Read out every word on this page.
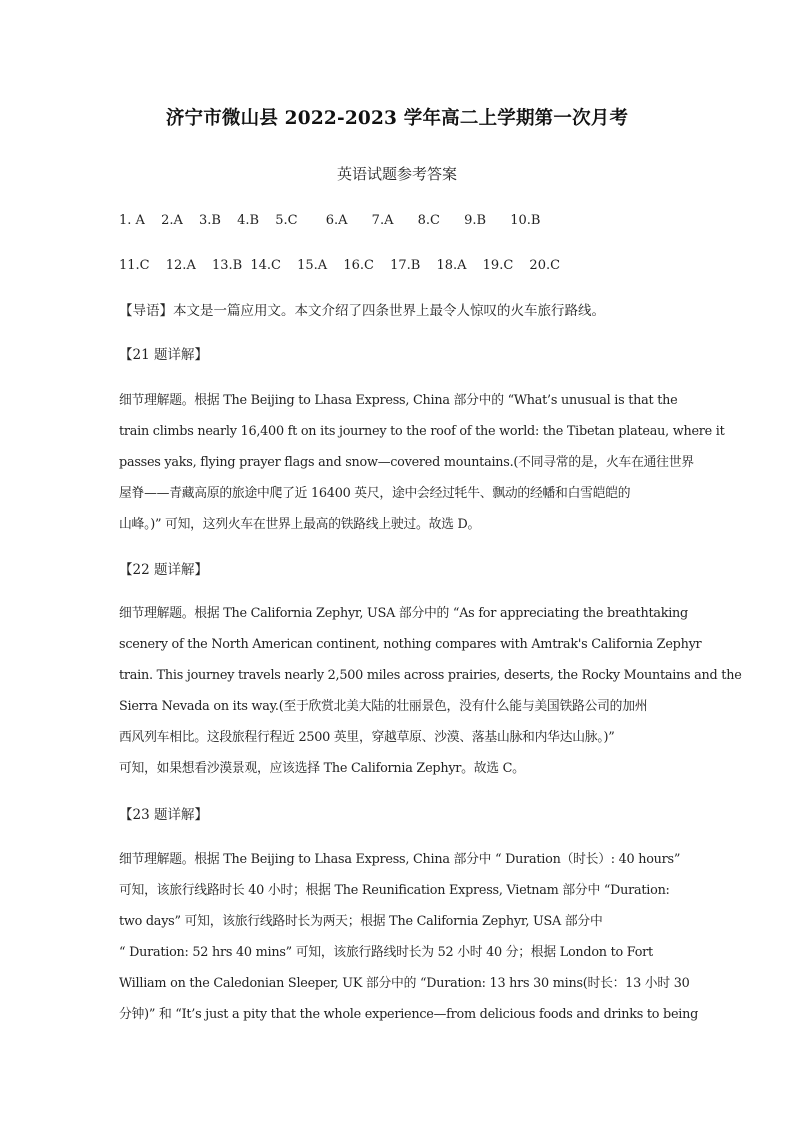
济宁市微山县 2022-2023 学年高二上学期第一次月考
英语试题参考答案
1. A 2.A 3.B 4.B 5.C 6.A 7.A 8.C 9.B 10.B
11.C 12.A 13.B 14.C 15.A 16.C 17.B 18.A 19.C 20.C
【导语】本文是一篇应用文。本文介绍了四条世界上最令人惊叹的火车旅行路线。
【21 题详解】
细节理解题。根据 The Beijing to Lhasa Express, China 部分中的 “What’s unusual is that the
train climbs nearly 16,400 ft on its journey to the roof of the world: the Tibetan plateau, where it
passes yaks, flying prayer flags and snow—covered mountains.(不同寻常的是，火车在通往世界
屋脊——青藏高原的旅途中爬了近 16400 英尺，途中会经过牦牛、飘动的经幡和白雪皑皑的
山峰。)” 可知，这列火车在世界上最高的铁路线上驶过。故选 D。
【22 题详解】
细节理解题。根据 The California Zephyr, USA 部分中的 “As for appreciating the breathtaking
scenery of the North American continent, nothing compares with Amtrak's California Zephyr
train. This journey travels nearly 2,500 miles across prairies, deserts, the Rocky Mountains and the
Sierra Nevada on its way.(至于欣赏北美大陆的壮丽景色，没有什么能与美国铁路公司的加州
西风列车相比。这段旅程行程近 2500 英里，穿越草原、沙漠、落基山脉和内华达山脉。)”
可知，如果想看沙漠景观，应该选择 The California Zephyr。故选 C。
【23 题详解】
细节理解题。根据 The Beijing to Lhasa Express, China 部分中 “ Duration（时长）: 40 hours”
可知，该旅行线路时长 40 小时；根据 The Reunification Express, Vietnam 部分中 “Duration:
two days” 可知，该旅行线路时长为两天；根据 The California Zephyr, USA 部分中
“ Duration: 52 hrs 40 mins” 可知，该旅行路线时长为 52 小时 40 分；根据 London to Fort
William on the Caledonian Sleeper, UK 部分中的 “Duration: 13 hrs 30 mins(时长：13 小时 30
分钟)” 和 “It’s just a pity that the whole experience—from delicious foods and drinks to being
